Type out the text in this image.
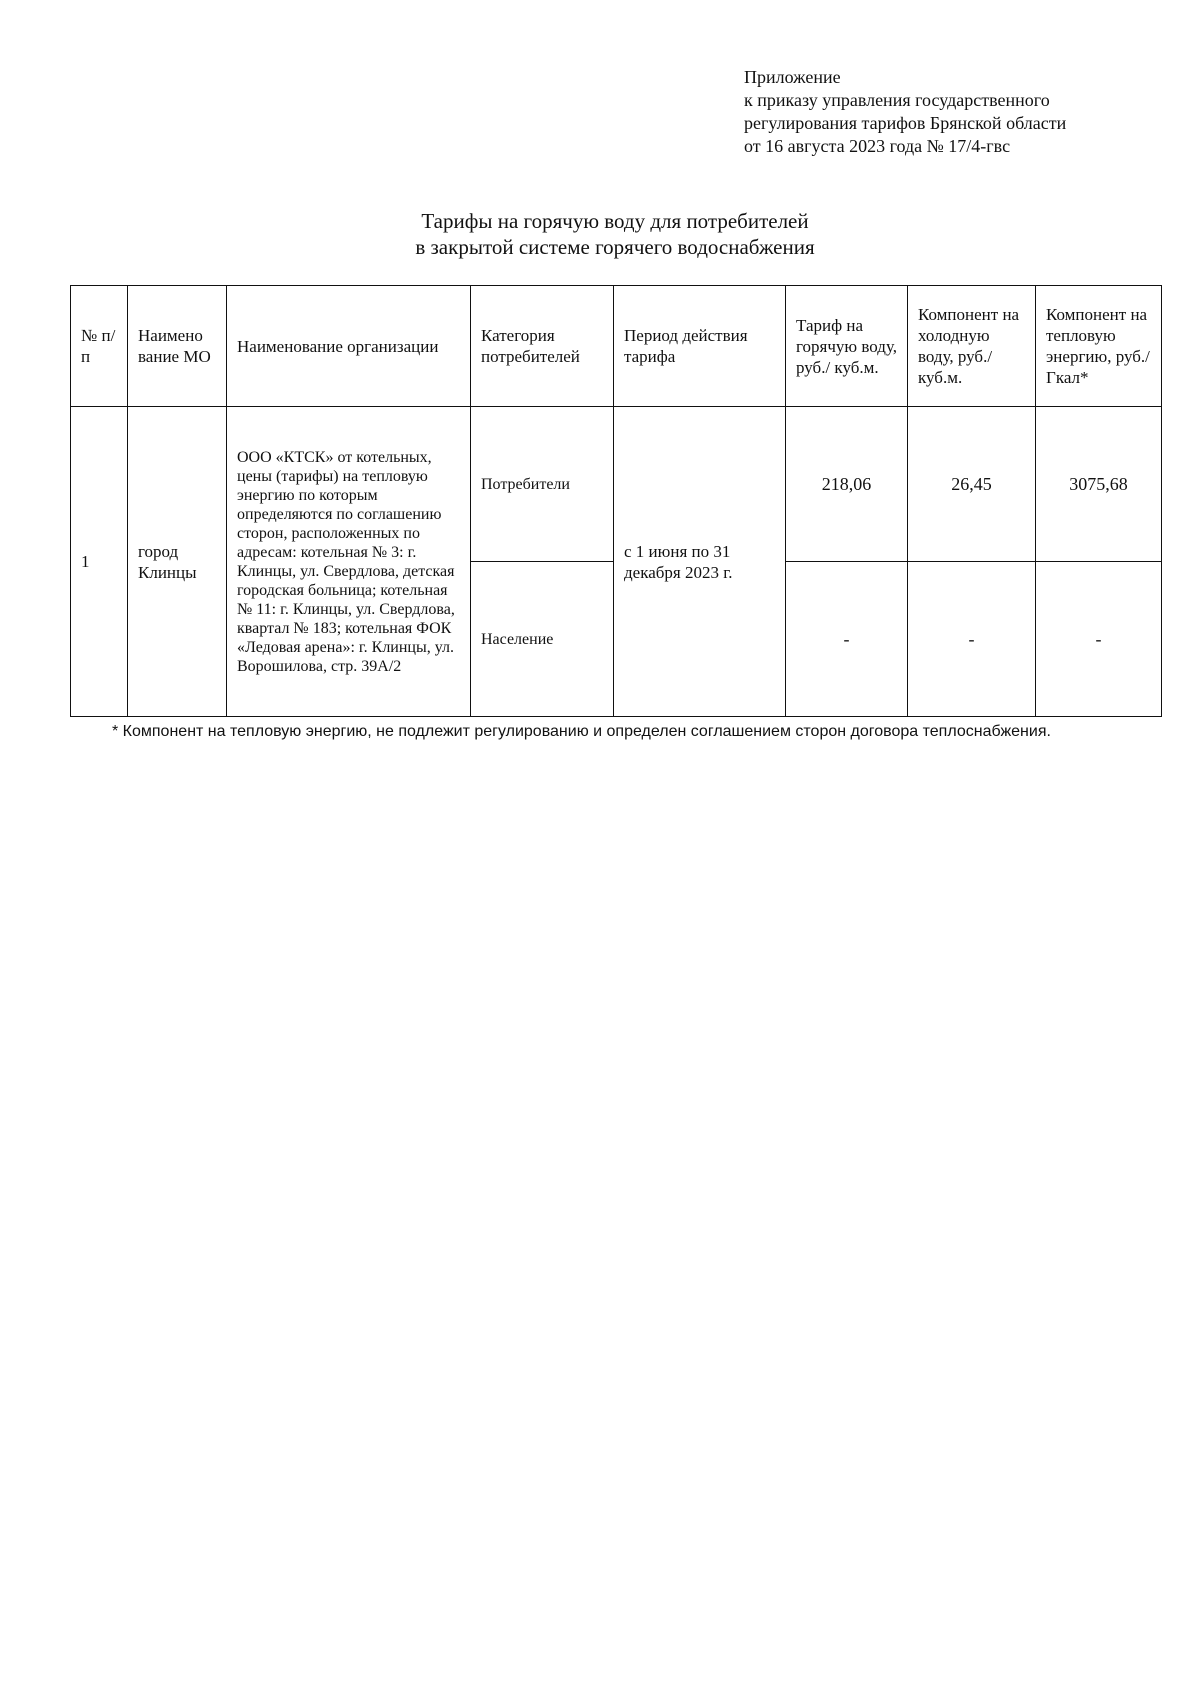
Приложение
к приказу управления государственного
регулирования тарифов Брянской области
от 16 августа 2023 года № 17/4-гвс
Тарифы на горячую воду для потребителей
в закрытой системе горячего водоснабжения
№ п/п	Наимено вание МО	Наименование организации	Категория потребителей	Период действия тарифа	Тариф на горячую воду, руб./ куб.м.	Компонент на холодную воду, руб./ куб.м.	Компонент на тепловую энергию, руб./ Гкал*
1	город Клинцы	ООО «КТСК» от котельных, цены (тарифы) на тепловую энергию по которым определяются по соглашению сторон, расположенных по адресам: котельная № 3: г. Клинцы, ул. Свердлова, детская городская больница; котельная № 11: г. Клинцы, ул. Свердлова, квартал № 183; котельная ФОК «Ледовая арена»: г. Клинцы, ул. Ворошилова, стр. 39А/2	Потребители	с 1 июня по 31 декабря 2023 г.	218,06	26,45	3075,68
			Население		-	-	-
* Компонент на тепловую энергию, не подлежит регулированию и определен соглашением сторон договора теплоснабжения.
